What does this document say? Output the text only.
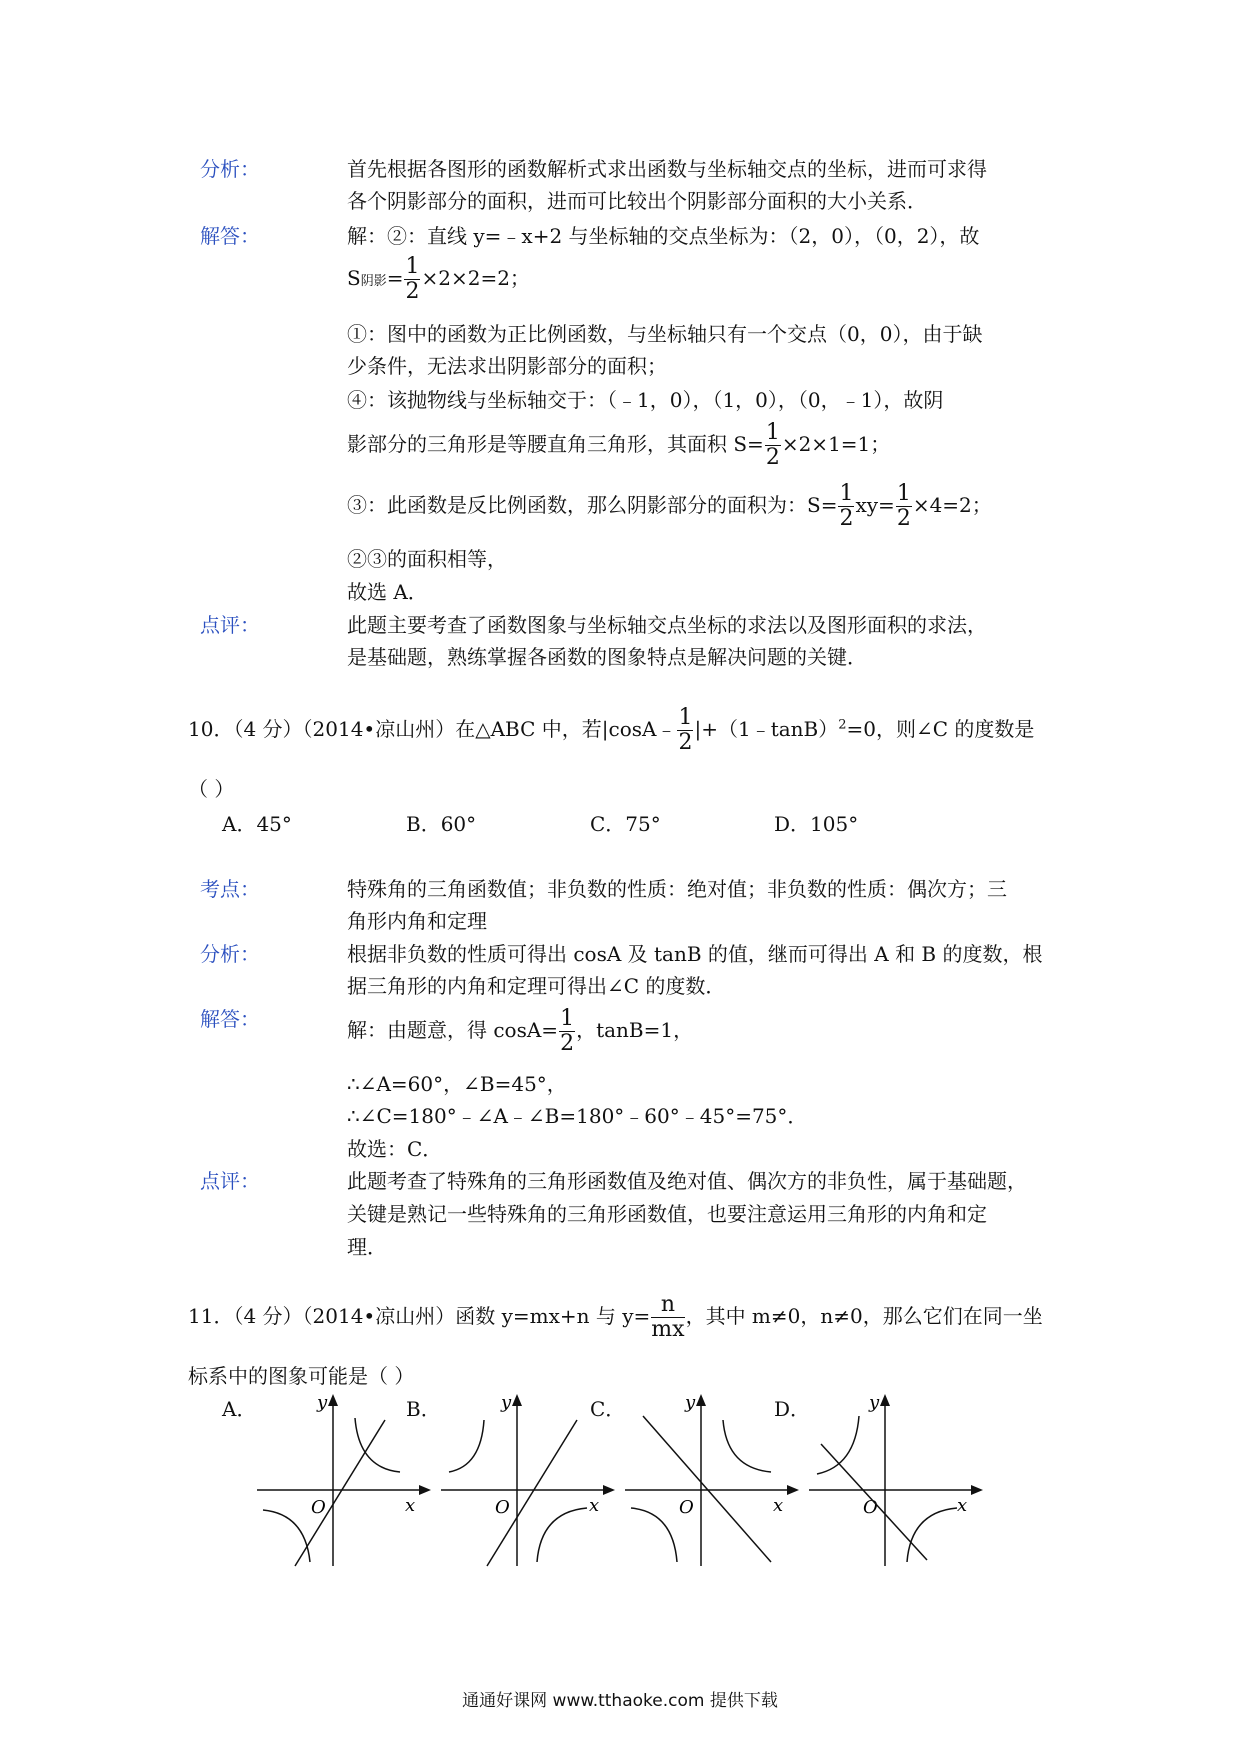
分析：	首先根据各图形的函数解析式求出函数与坐标轴交点的坐标，进而可求得
各个阴影部分的面积，进而可比较出个阴影部分面积的大小关系．
解答：	解：②：直线 y=﹣x+2 与坐标轴的交点坐标为：（2，0），（0，2），故
S阴影= $\frac{1}{2} \times 2\times 2=2$；
①：图中的函数为正比例函数，与坐标轴只有一个交点（0，0），由于缺
少条件，无法求出阴影部分的面积；
④：该抛物线与坐标轴交于：（﹣1，0），（1，0），（0，﹣1），故阴
影部分的三角形是等腰直角三角形，其面积 $S= \frac{1}{2} \times 2\times 1=1$；
③：此函数是反比例函数，那么阴影部分的面积为：$S= \frac{1}{2} xy= \frac{1}{2} \times 4=2$；
②③的面积相等，
故选 A．
点评：	此题主要考查了函数图象与坐标轴交点坐标的求法以及图形面积的求法，
是基础题，熟练掌握各函数的图象特点是解决问题的关键．
10．（4 分）（2014•凉山州）在△ABC 中，若|cosA﹣ $\frac{1}{2}$ |+（1﹣tanB）$^2$=0，则∠C 的度数是
（ ）
A．45°	B．60°	C．75°	D．105°
考点：	特殊角的三角函数值；非负数的性质：绝对值；非负数的性质：偶次方；三
角形内角和定理
分析：	根据非负数的性质可得出 cosA 及 tanB 的值，继而可得出 A 和 B 的度数，根
据三角形的内角和定理可得出∠C 的度数．
解答：	解：由题意，得 $\cos A= \frac{1}{2}$ ，tanB=1，
∴∠A=60°，∠B=45°，
∴∠C=180°﹣∠A﹣∠B=180°﹣60°﹣45°=75°．
故选：C．
点评：	此题考查了特殊角的三角形函数值及绝对值、偶次方的非负性，属于基础题，
关键是熟记一些特殊角的三角形函数值，也要注意运用三角形的内角和定
理．
11．（4 分）（2014•凉山州）函数 y=mx+n 与 $y= \frac{n}{mx}$ ，其中 m≠0，n≠0，那么它们在同一坐
标系中的图象可能是（ ）
A．	B．	C．	D．
x
y
O	x
y
O	x
y
O	x
y
O
通通好课网 www.tthaoke.com 提供下载
